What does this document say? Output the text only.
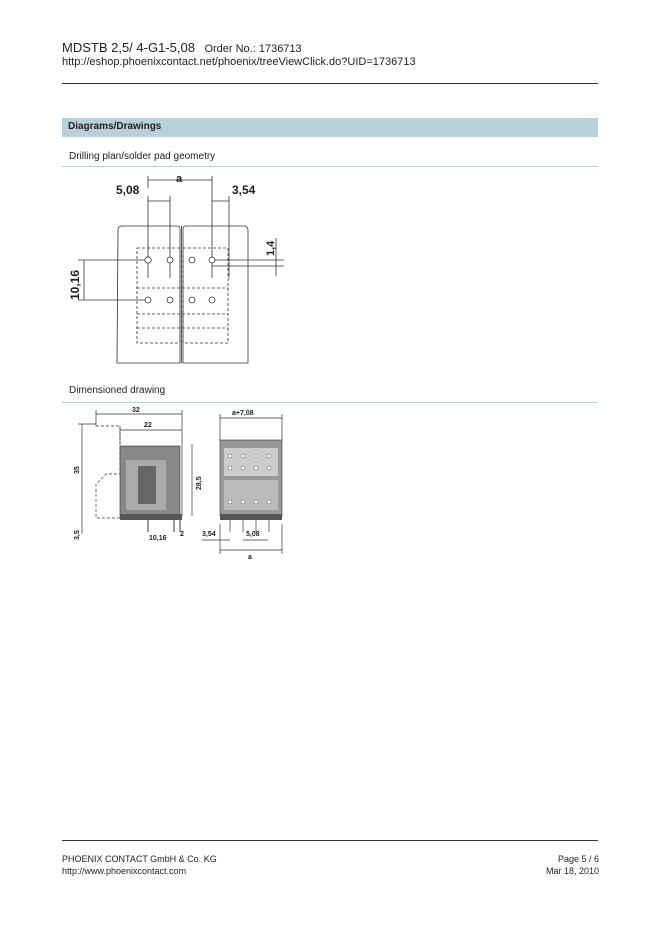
MDSTB 2,5/ 4-G1-5,08 Order No.: 1736713
http://eshop.phoenixcontact.net/phoenix/treeViewClick.do?UID=1736713
Diagrams/Drawings
Drilling plan/solder pad geometry
5,08
a
3,54
1,4
10,16
Dimensioned drawing
32
22
35
28,5
3,5	10,16
2
a+7,08
3,54	5,08
a
PHOENIX CONTACT GmbH & Co. KG
http://www.phoenixcontact.com
Page 5 / 6
Mar 18, 2010
